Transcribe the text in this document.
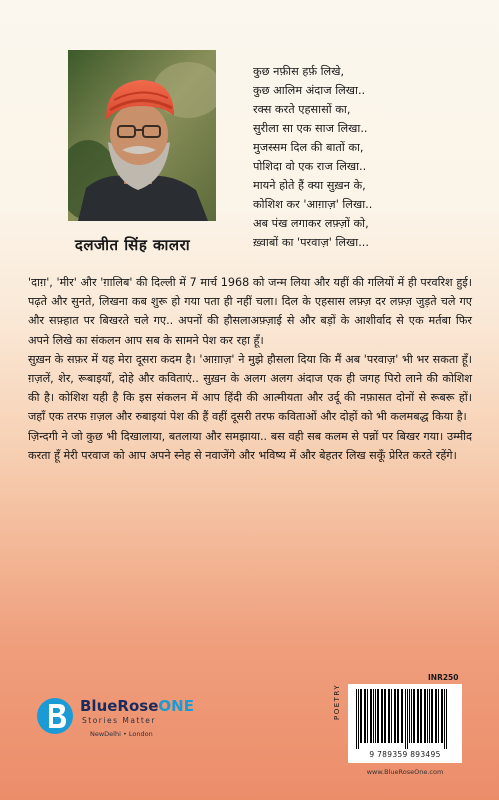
दलजीत सिंह कालरा
कुछ नफ़ीस हर्फ़ लिखे,
कुछ आलिम अंदाज लिखा..
रक्स करते एहसासों का,
सुरीला सा एक साज लिखा..
मुजस्सम दिल की बातों का,
पोशिदा वो एक राज लिखा..
मायने होते हैं क्या सुख़न के,
कोशिश कर 'आग़ाज़' लिखा..
अब पंख लगाकर लफ़्ज़ों को,
ख़्वाबों का 'परवाज़' लिखा...

'दाग़', 'मीर' और 'ग़ालिब' की दिल्ली में 7 मार्च 1968 को जन्म लिया और यहीं की गलियों में ही परवरिश हुई। पढ़ते और सुनते, लिखना कब शुरू हो गया पता ही नहीं चला। दिल के एहसास लफ़्ज़ दर लफ़्ज़ जुड़ते चले गए और सफ़्हात पर बिखरते चले गए.. अपनों की हौसलाअफ़्ज़ाई से और बड़ों के आशीर्वाद से एक मर्तबा फिर अपने लिखे का संकलन आप सब के सामने पेश कर रहा हूँ।

सुख़न के सफ़र में यह मेरा दूसरा कदम है। 'आग़ाज़' ने मुझे हौसला दिया कि मैं अब 'परवाज़' भी भर सकता हूँ। ग़ज़लें, शेर, रूबाइयाँ, दोहे और कविताएं.. सुख़न के अलग अलग अंदाज एक ही जगह पिरो लाने की कोशिश की है। कोशिश यही है कि इस संकलन में आप हिंदी की आत्मीयता और उर्दू की नफ़ासत दोनों से रूबरू हों। जहाँ एक तरफ ग़ज़ल और रुबाइयां पेश की हैं वहीं दूसरी तरफ कविताओं और दोहों को भी कलमबद्ध किया है।

ज़िन्दगी ने जो कुछ भी दिखालाया, बतलाया और समझाया.. बस वही सब कलम से पन्नों पर बिखर गया। उम्मीद करता हूँ मेरी परवाज को आप अपने स्नेह से नवाजेंगे और भविष्य में और बेहतर लिख सकूँ प्रेरित करते रहेंगे।

BlueRoseONE
Stories Matter
NewDelhi • London
POETRY
INR250
9 789359 893495
www.BlueRoseOne.com
